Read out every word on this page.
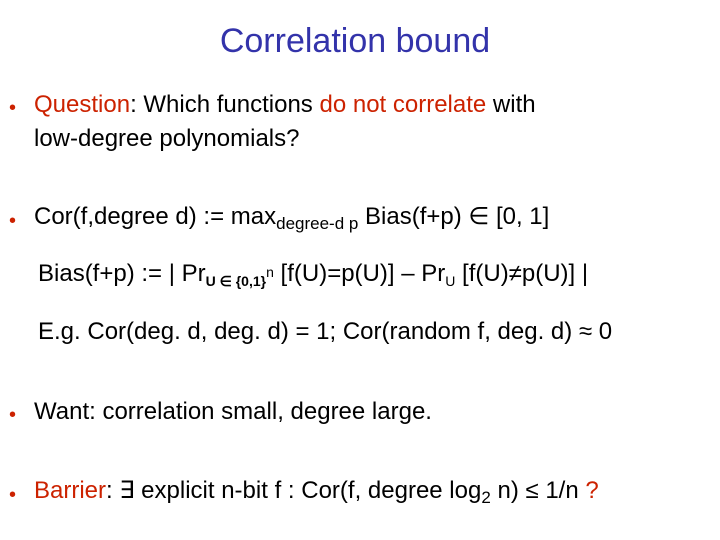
Correlation bound
• Question: Which functions do not correlate with
low-degree polynomials?
• Cor(f,degree d) := $\max_{degree-d p}$ Bias(f+p) ∈ [0, 1]
Bias(f+p) := | $Pr_{U \in \{0,1\}}^n$ $[f(U)=p(U)] - Pr_U$ [f(U)≠p(U)] |
E.g. Cor(deg. d, deg. d) = 1; Cor(random f, deg. d) ≈ 0
• Want: correlation small, degree large.
• Barrier: ∃ explicit n-bit f : Cor(f, degree $\log_2 n) \le 1/n$ ?
